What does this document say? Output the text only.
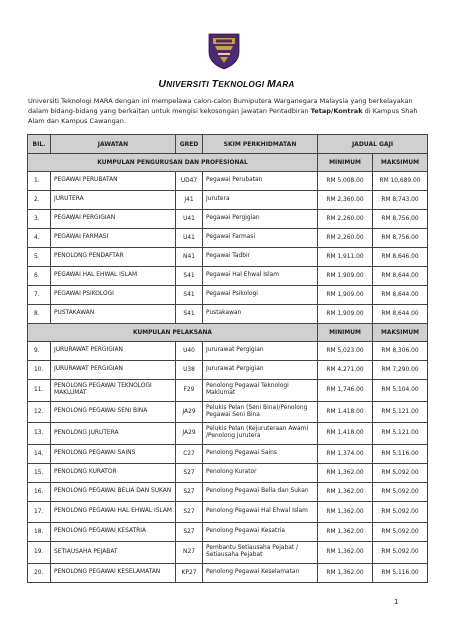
UNIVERSITI TEKNOLOGI MARA

Universiti Teknologi MARA dengan ini mempelawa calon-calon Bumiputera Warganegara Malaysia yang berkelayakan dalam bidang-bidang yang berkaitan untuk mengisi kekosongan jawatan Pentadbiran Tetap/Kontrak di Kampus Shah Alam dan Kampus Cawangan.

BIL.	JAWATAN	GRED	SKIM PERKHIDMATAN	JADUAL GAJI	
KUMPULAN PENGURUSAN DAN PROFESIONAL				MINIMUM	MAKSIMUM
1.	PEGAWAI PERUBATAN	UD47	Pegawai Perubatan	RM 5,008.00	RM 10,689.00
2.	JURUTERA	J41	Jurutera	RM 2,360.00	RM 8,743.00
3.	PEGAWAI PERGIGIAN	U41	Pegawai Pergigian	RM 2,260.00	RM 8,756.00
4.	PEGAWAI FARMASI	U41	Pegawai Farmasi	RM 2,260.00	RM 8,756.00
5.	PENOLONG PENDAFTAR	N41	Pegawai Tadbir	RM 1,911.00	RM 8,646.00
6.	PEGAWAI HAL EHWAL ISLAM	S41	Pegawai Hal Ehwal Islam	RM 1,909.00	RM 8,644.00
7.	PEGAWAI PSIKOLOGI	S41	Pegawai Psikologi	RM 1,909.00	RM 8,644.00
8.	PUSTAKAWAN	S41	Pustakawan	RM 1,909.00	RM 8,644.00
KUMPULAN PELAKSANA				MINIMUM	MAKSIMUM
9.	JURURAWAT PERGIGIAN	U40	Jururawat Pergigian	RM 5,023.00	RM 8,306.00
10.	JURURAWAT PERGIGIAN	U38	Jururawat Pergigian	RM 4,271.00	RM 7,290.00
11.	PENOLONG PEGAWAI TEKNOLOGI MAKLUMAT	F29	Penolong Pegawai Teknologi Maklumat	RM 1,746.00	RM 5,104.00
12.	PENOLONG PEGAWAI SENI BINA	JA29	Pelukis Pelan (Seni Bina)/Penolong Pegawai Seni Bina	RM 1,418.00	RM 5,121.00
13.	PENOLONG JURUTERA	JA29	Pelukis Pelan (Kejuruteraan Awam) /Penolong Jurutera	RM 1,418.00	RM 5,121.00
14.	PENOLONG PEGAWAI SAINS	C27	Penolong Pegawai Sains	RM 1,374.00	RM 5,116.00
15.	PENOLONG KURATOR	S27	Penolong Kurator	RM 1,362.00	RM 5,092.00
16.	PENOLONG PEGAWAI BELIA DAN SUKAN	S27	Penolong Pegawai Belia dan Sukan	RM 1,362.00	RM 5,092.00
17.	PENOLONG PEGAWAI HAL EHWAL ISLAM	S27	Penolong Pegawai Hal Ehwal Islam	RM 1,362.00	RM 5,092.00
18.	PENOLONG PEGAWAI KESATRIA	S27	Penolong Pegawai Kesatria	RM 1,362.00	RM 5,092.00
19.	SETIAUSAHA PEJABAT	N27	Pembantu Setiausaha Pejabat / Setiausaha Pejabat	RM 1,362.00	RM 5,092.00
20.	PENOLONG PEGAWAI KESELAMATAN	KP27	Penolong Pegawai Keselamatan	RM 1,362.00	RM 5,116.00
1
